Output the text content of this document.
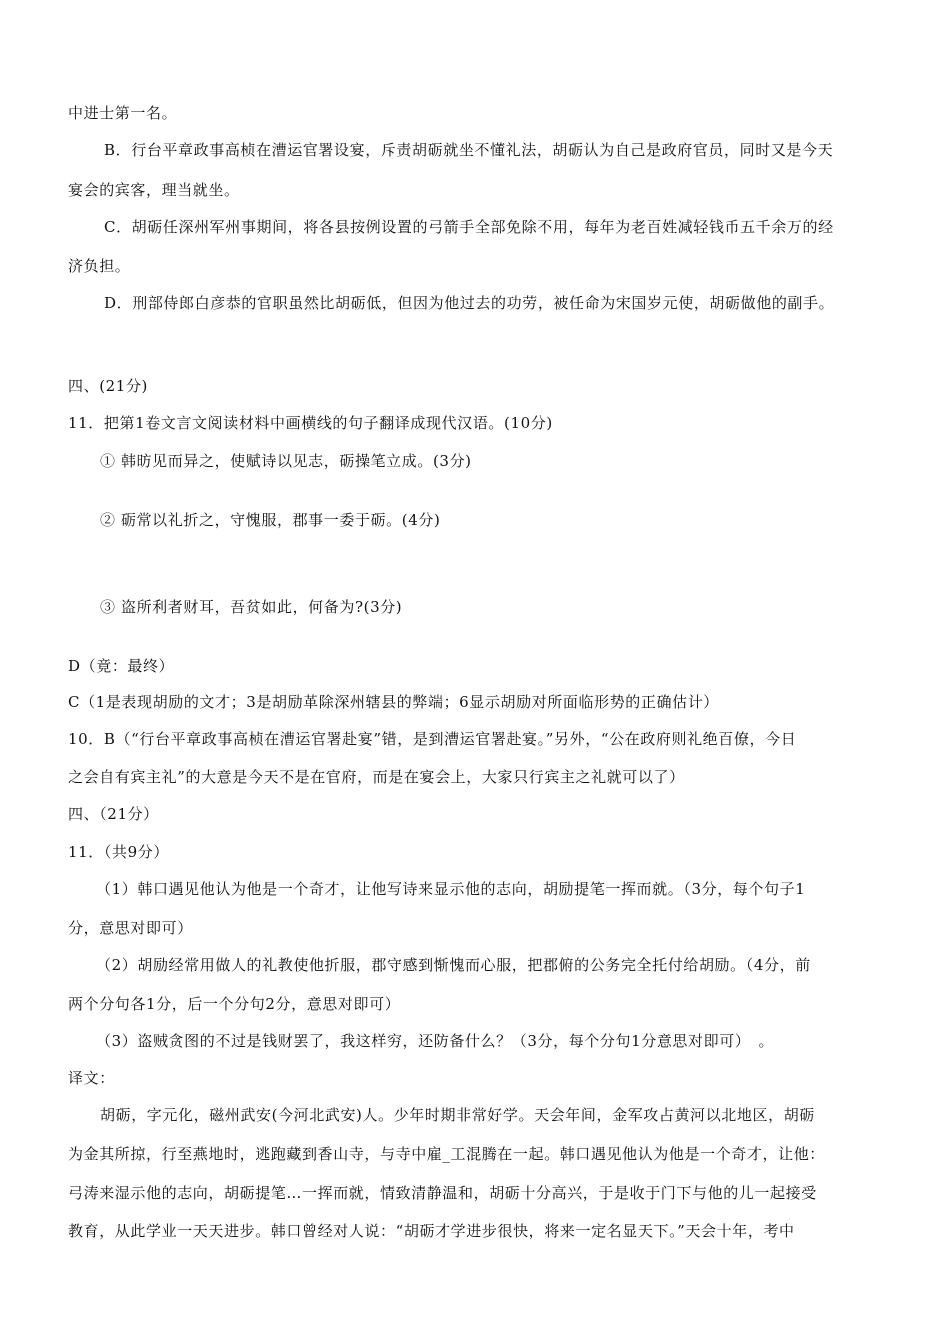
中进士第一名。
B．行台平章政事高桢在漕运官署设宴，斥责胡砺就坐不懂礼法，胡砺认为自己是政府官员，同时又是今天
宴会的宾客，理当就坐。
C．胡砺任深州军州事期间，将各县按例设置的弓箭手全部免除不用，每年为老百姓减轻钱币五千余万的经
济负担。
D．刑部侍郎白彦恭的官职虽然比胡砺低，但因为他过去的功劳，被任命为宋国岁元使，胡砺做他的副手。
四、(21分)
11．把第1卷文言文阅读材料中画横线的句子翻译成现代汉语。(10分)
① 韩昉见而异之，使赋诗以见志，砺操笔立成。(3分)
② 砺常以礼折之，守愧服，郡事一委于砺。(4分)
③ 盗所利者财耳，吾贫如此，何备为?(3分)
D（竟：最终）
C（1是表现胡励的文才；3是胡励革除深州辖县的弊端；6显示胡励对所面临形势的正确估计）
10．B（“行台平章政事高桢在漕运官署赴宴”错，是到漕运官署赴宴。”另外，“公在政府则礼绝百僚，今日
之会自有宾主礼”的大意是今天不是在官府，而是在宴会上，大家只行宾主之礼就可以了）
四、（21分）
11．（共9分）
（1）韩口遇见他认为他是一个奇才，让他写诗来显示他的志向，胡励提笔一挥而就。（3分，每个句子1
分，意思对即可）
（2）胡励经常用做人的礼教使他折服，郡守感到惭愧而心服，把郡俯的公务完全托付给胡励。（4分，前
两个分句各1分，后一个分句2分，意思对即可）
（3）盗贼贪图的不过是钱财罢了，我这样穷，还防备什么？（3分，每个分句1分意思对即可）　。
译文：
胡砺，字元化，磁州武安(今河北武安)人。少年时期非常好学。天会年间，金军攻占黄河以北地区，胡砺
为金其所掠，行至燕地时，逃跑藏到香山寺，与寺中雇_工混腾在一起。韩口遇见他认为他是一个奇才，让他：
弓涛来湿示他的志向，胡砺提笔…一挥而就，情致清静温和，胡砺十分高兴，于是收于门下与他的儿一起接受
教育，从此学业一天天进步。韩口曾经对人说：“胡砺才学进步很快，将来一定名显天下。”天会十年，考中
